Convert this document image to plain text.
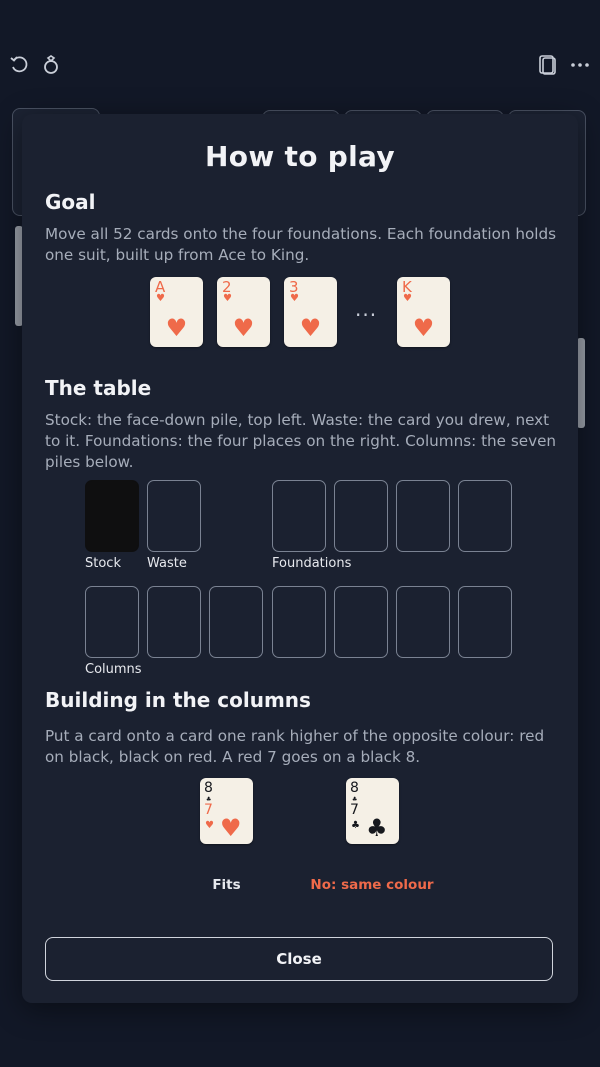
How to play
Goal
Move all 52 cards onto the four foundations. Each foundation holds one suit, built up from Ace to King.
A
♥
♥
2
♥
♥
3
♥
♥	···
K
♥
♥
The table
Stock: the face-down pile, top left. Waste: the card you drew, next to it. Foundations: the four places on the right. Columns: the seven piles below.
Stock Waste	Foundations
Columns
Building in the columns
Put a card onto a card one rank higher of the opposite colour: red on black, black on red. A red 7 goes on a black 8.
8
♣
7
♥ ♥
Fits
8
♣
7
♣ ♣
No: same colour
Close
